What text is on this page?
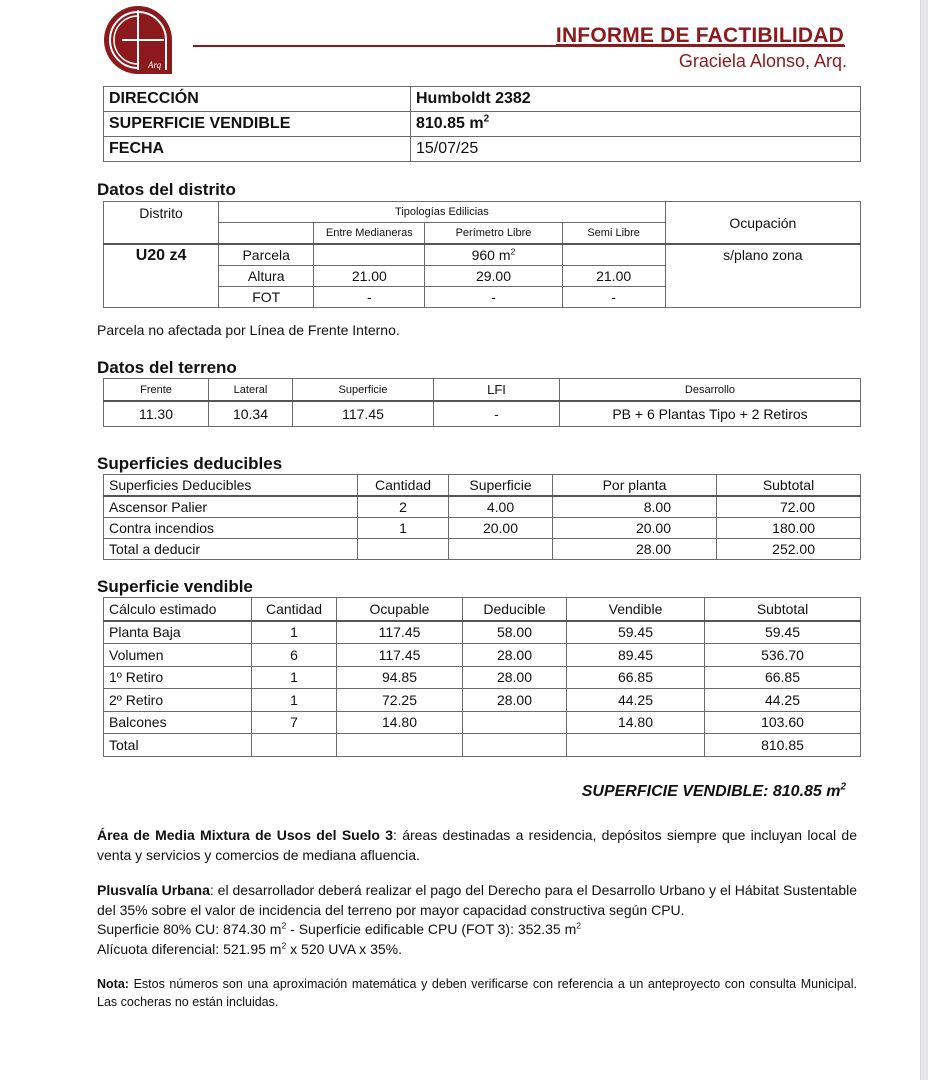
Arq
INFORME DE FACTIBILIDAD
Graciela Alonso, Arq.
DIRECCIÓN	Humboldt 2382
SUPERFICIE VENDIBLE	810.85 $m^2$
FECHA	15/07/25
Datos del distrito
Distrito	Tipologías Edilicias				Ocupación
		Entre Medianeras	Perímetro Libre	Semi Libre	
U20 z4	Parcela		960 $m^2$		s/plano zona
	Altura	21.00	29.00	21.00	
	FOT	-	-	-	
Parcela no afectada por Línea de Frente Interno.
Datos del terreno
Frente	Lateral	Superficie	LFI	Desarrollo
11.30	10.34	117.45	-	PB + 6 Plantas Tipo + 2 Retiros
Superficies deducibles
Superficies Deducibles	Cantidad	Superficie	Por planta	Subtotal
Ascensor Palier	2	4.00	8.00	72.00
Contra incendios	1	20.00	20.00	180.00
Total a deducir			28.00	252.00
Superficie vendible
Cálculo estimado	Cantidad	Ocupable	Deducible	Vendible	Subtotal
Planta Baja	1	117.45	58.00	59.45	59.45
Volumen	6	117.45	28.00	89.45	536.70
1º Retiro	1	94.85	28.00	66.85	66.85
2º Retiro	1	72.25	28.00	44.25	44.25
Balcones	7	14.80		14.80	103.60
Total					810.85
SUPERFICIE VENDIBLE: 810.85 $m^2$
Área de Media Mixtura de Usos del Suelo 3: áreas destinadas a residencia, depósitos siempre que incluyan local de venta y servicios y comercios de mediana afluencia.
Plusvalía Urbana: el desarrollador deberá realizar el pago del Derecho para el Desarrollo Urbano y el Hábitat Sustentable del 35% sobre el valor de incidencia del terreno por mayor capacidad constructiva según CPU.
Superficie 80% CU: 874.30 $m^2$ - Superficie edificable CPU (FOT 3): 352.35 $m^2$
Alícuota diferencial: 521.95 $m^2$ x 520 UVA x 35%.
Nota: Estos números son una aproximación matemática y deben verificarse con referencia a un anteproyecto con consulta Municipal. Las cocheras no están incluidas.
